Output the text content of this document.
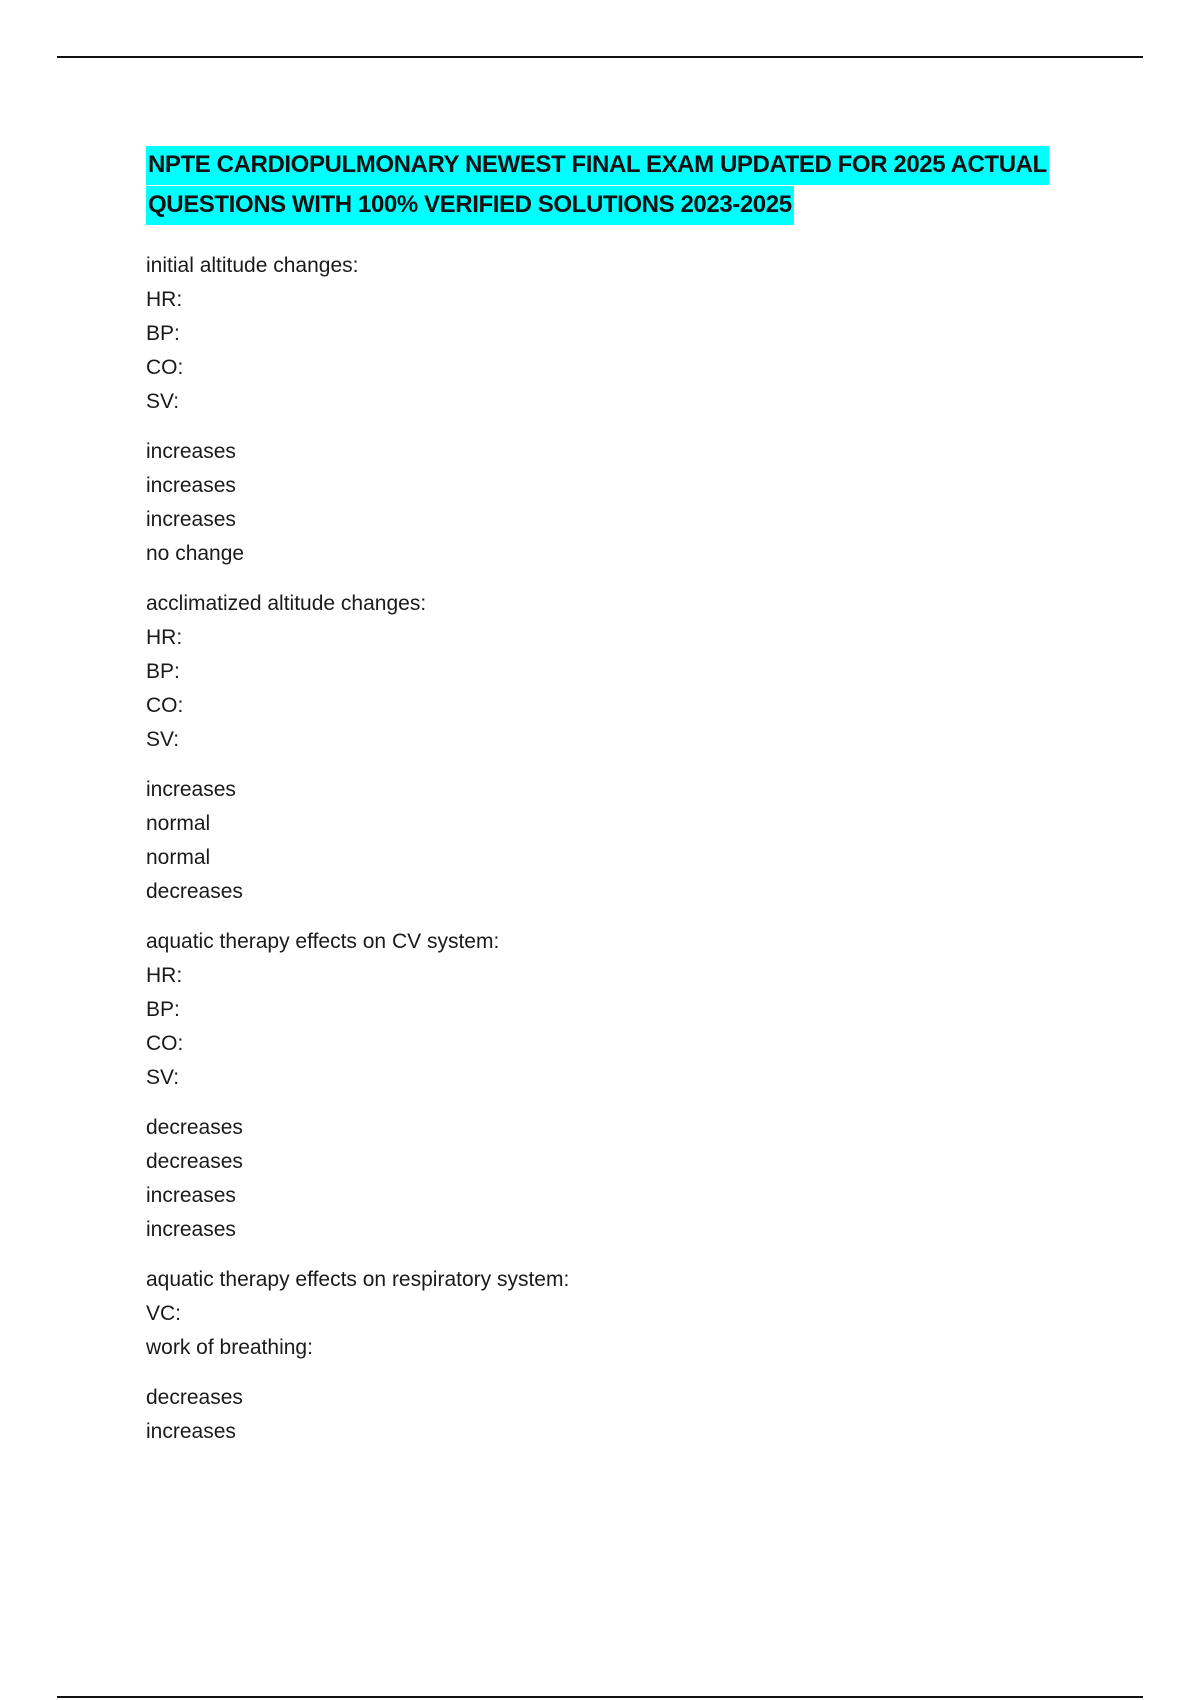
NPTE CARDIOPULMONARY NEWEST FINAL EXAM UPDATED FOR 2025 ACTUAL
QUESTIONS WITH 100% VERIFIED SOLUTIONS 2023-2025
initial altitude changes:
HR:
BP:
CO:
SV:
increases
increases
increases
no change
acclimatized altitude changes:
HR:
BP:
CO:
SV:
increases
normal
normal
decreases
aquatic therapy effects on CV system:
HR:
BP:
CO:
SV:
decreases
decreases
increases
increases
aquatic therapy effects on respiratory system:
VC:
work of breathing:
decreases
increases
